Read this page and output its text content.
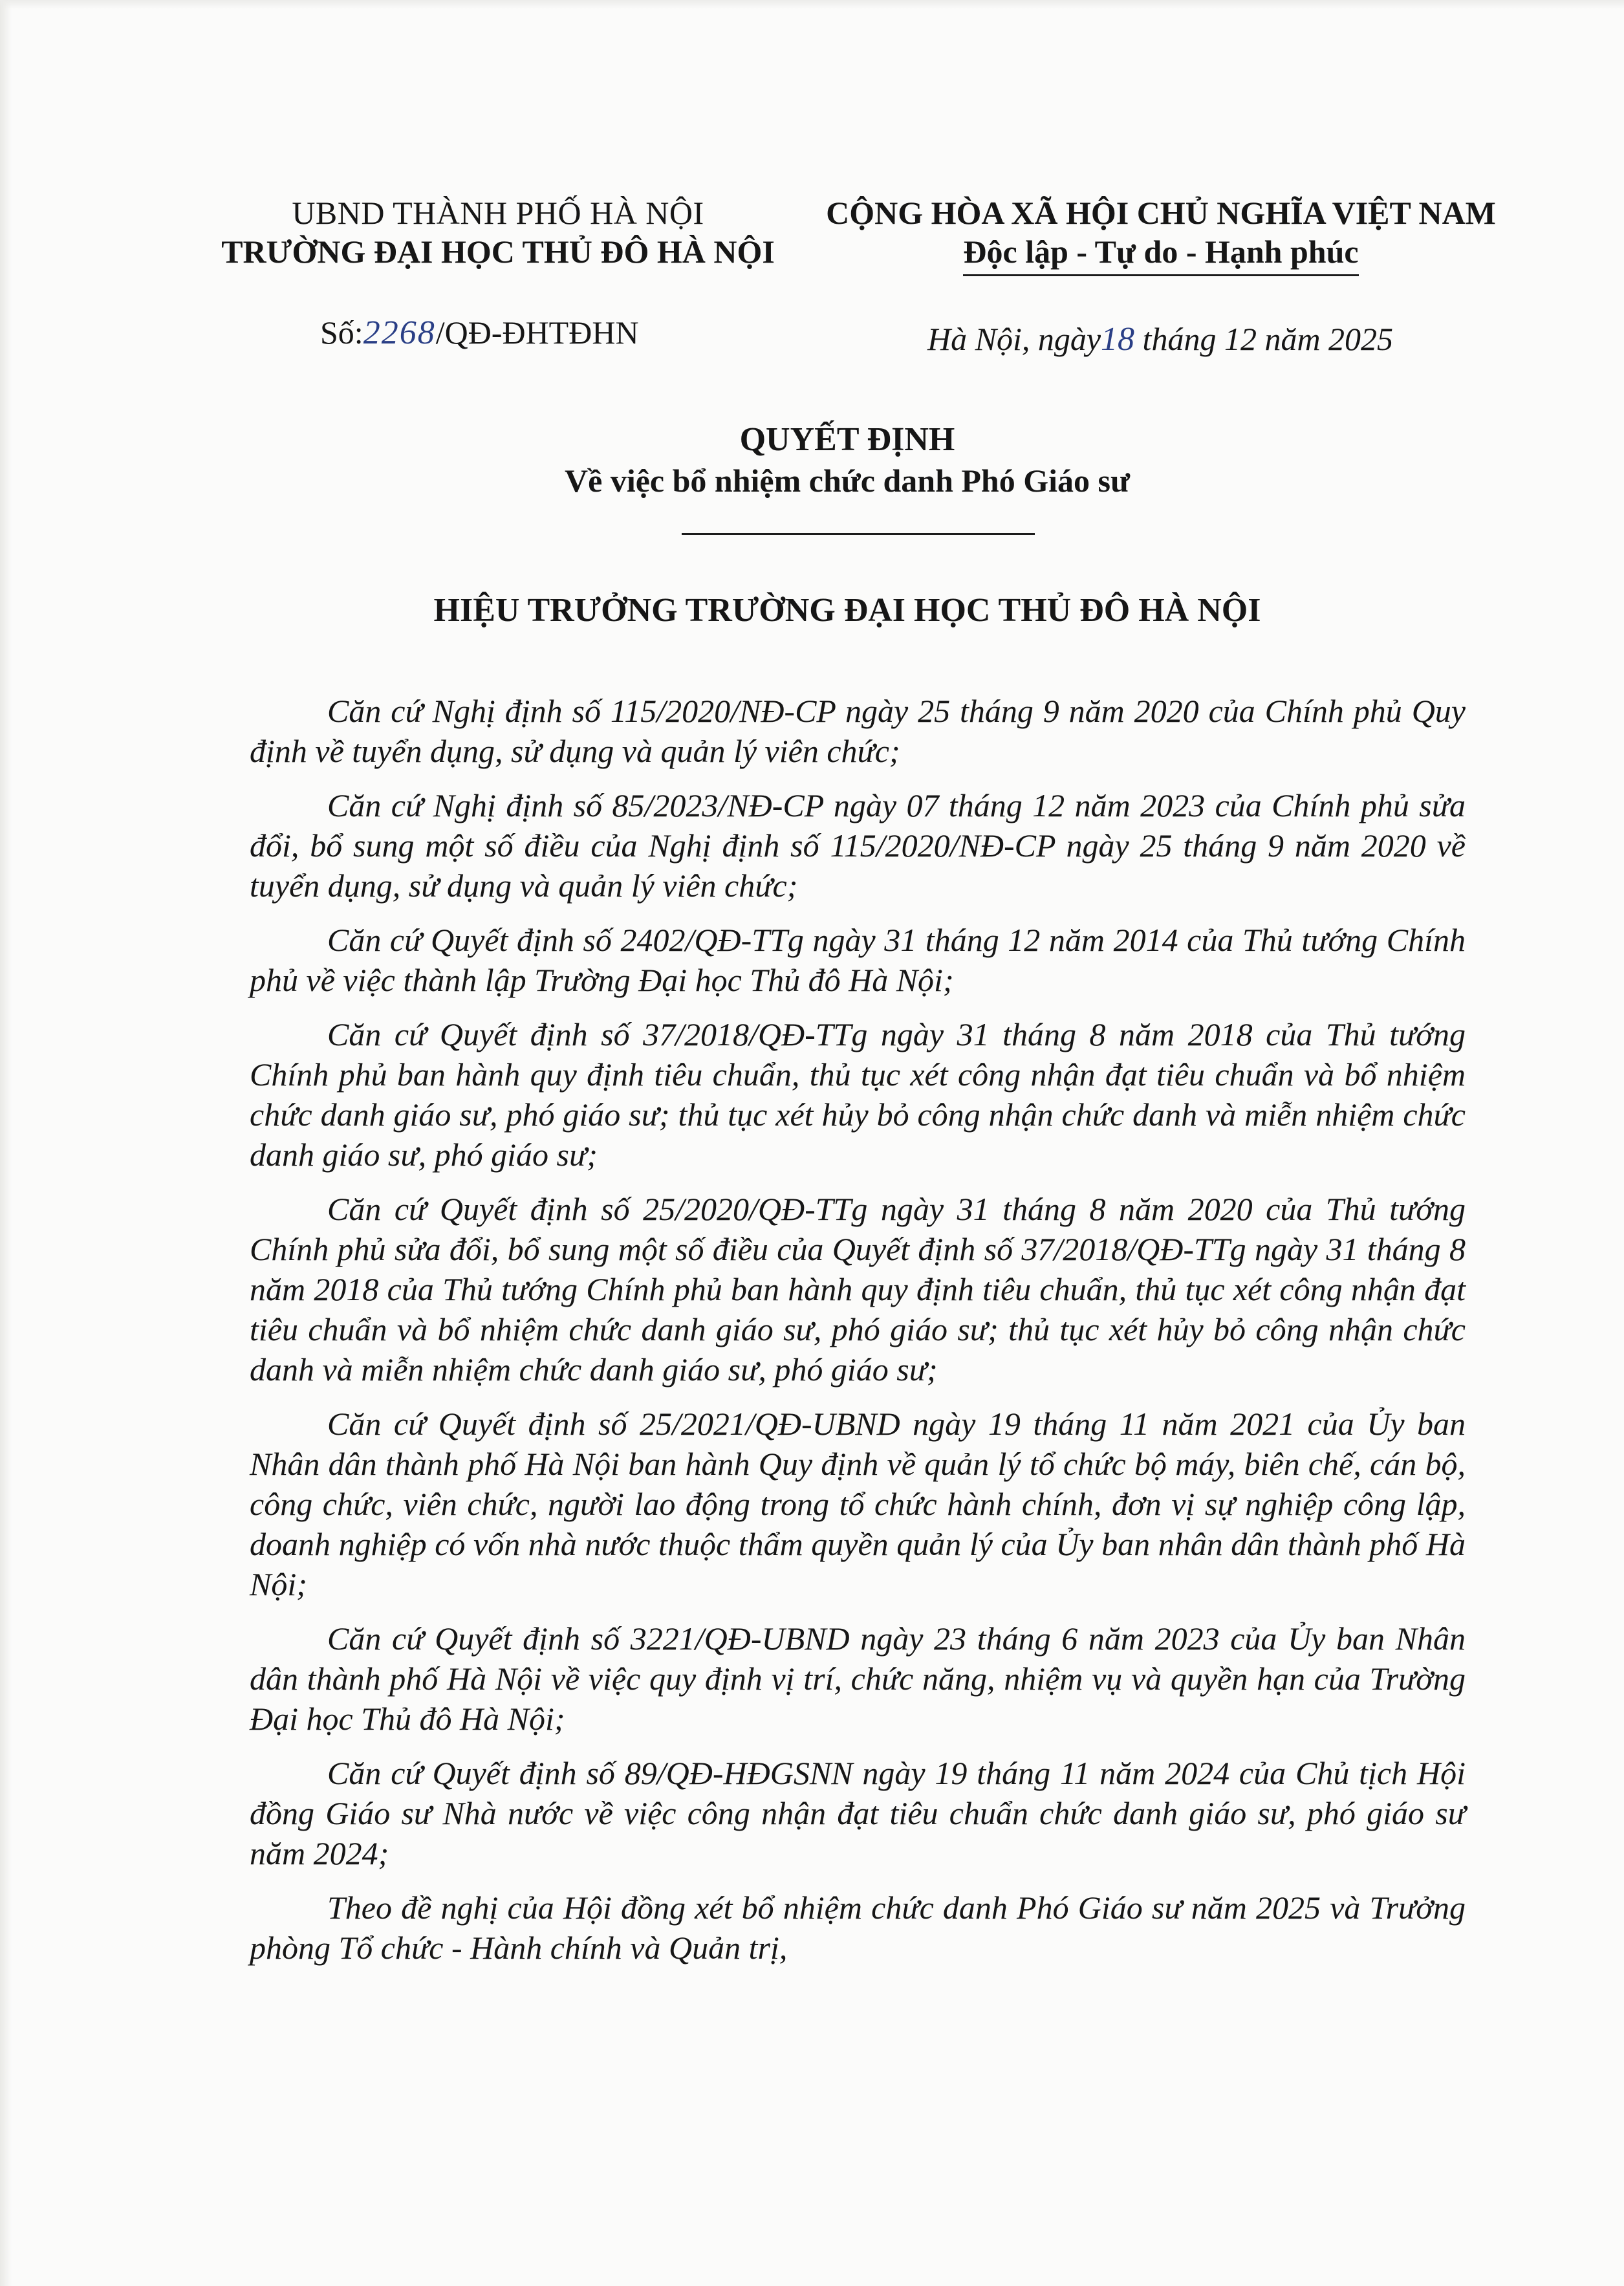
UBND THÀNH PHỐ HÀ NỘI
TRƯỜNG ĐẠI HỌC THỦ ĐÔ HÀ NỘI
Số:2268/QĐ-ĐHTĐHN
CỘNG HÒA XÃ HỘI CHỦ NGHĨA VIỆT NAM
Độc lập - Tự do - Hạnh phúc
Hà Nội, ngày18 tháng 12 năm 2025
QUYẾT ĐỊNH
Về việc bổ nhiệm chức danh Phó Giáo sư
HIỆU TRƯỞNG TRƯỜNG ĐẠI HỌC THỦ ĐÔ HÀ NỘI

Căn cứ Nghị định số 115/2020/NĐ-CP ngày 25 tháng 9 năm 2020 của Chính phủ Quy định về tuyển dụng, sử dụng và quản lý viên chức;

Căn cứ Nghị định số 85/2023/NĐ-CP ngày 07 tháng 12 năm 2023 của Chính phủ sửa đổi, bổ sung một số điều của Nghị định số 115/2020/NĐ-CP ngày 25 tháng 9 năm 2020 về tuyển dụng, sử dụng và quản lý viên chức;

Căn cứ Quyết định số 2402/QĐ-TTg ngày 31 tháng 12 năm 2014 của Thủ tướng Chính phủ về việc thành lập Trường Đại học Thủ đô Hà Nội;

Căn cứ Quyết định số 37/2018/QĐ-TTg ngày 31 tháng 8 năm 2018 của Thủ tướng Chính phủ ban hành quy định tiêu chuẩn, thủ tục xét công nhận đạt tiêu chuẩn và bổ nhiệm chức danh giáo sư, phó giáo sư; thủ tục xét hủy bỏ công nhận chức danh và miễn nhiệm chức danh giáo sư, phó giáo sư;

Căn cứ Quyết định số 25/2020/QĐ-TTg ngày 31 tháng 8 năm 2020 của Thủ tướng Chính phủ sửa đổi, bổ sung một số điều của Quyết định số 37/2018/QĐ-TTg ngày 31 tháng 8 năm 2018 của Thủ tướng Chính phủ ban hành quy định tiêu chuẩn, thủ tục xét công nhận đạt tiêu chuẩn và bổ nhiệm chức danh giáo sư, phó giáo sư; thủ tục xét hủy bỏ công nhận chức danh và miễn nhiệm chức danh giáo sư, phó giáo sư;

Căn cứ Quyết định số 25/2021/QĐ-UBND ngày 19 tháng 11 năm 2021 của Ủy ban Nhân dân thành phố Hà Nội ban hành Quy định về quản lý tổ chức bộ máy, biên chế, cán bộ, công chức, viên chức, người lao động trong tổ chức hành chính, đơn vị sự nghiệp công lập, doanh nghiệp có vốn nhà nước thuộc thẩm quyền quản lý của Ủy ban nhân dân thành phố Hà Nội;

Căn cứ Quyết định số 3221/QĐ-UBND ngày 23 tháng 6 năm 2023 của Ủy ban Nhân dân thành phố Hà Nội về việc quy định vị trí, chức năng, nhiệm vụ và quyền hạn của Trường Đại học Thủ đô Hà Nội;

Căn cứ Quyết định số 89/QĐ-HĐGSNN ngày 19 tháng 11 năm 2024 của Chủ tịch Hội đồng Giáo sư Nhà nước về việc công nhận đạt tiêu chuẩn chức danh giáo sư, phó giáo sư năm 2024;

Theo đề nghị của Hội đồng xét bổ nhiệm chức danh Phó Giáo sư năm 2025 và Trưởng phòng Tổ chức - Hành chính và Quản trị,
